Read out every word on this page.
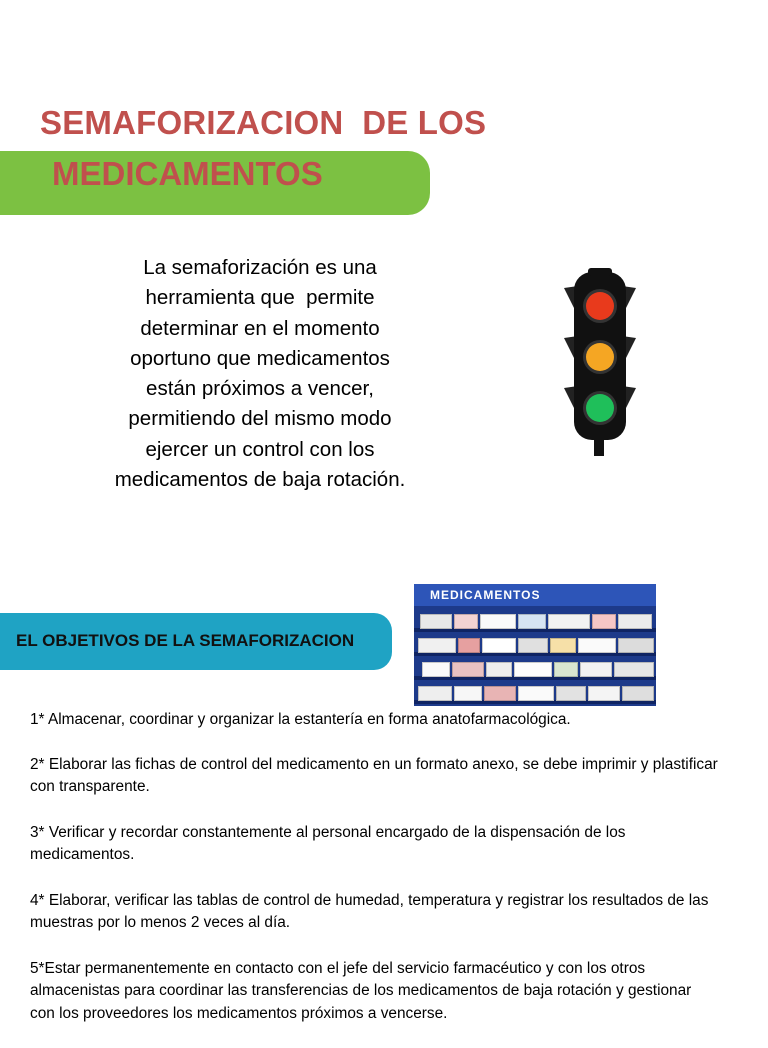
SEMAFORIZACION  DE LOS
MEDICAMENTOS
La semaforización es una
herramienta que  permite
determinar en el momento
oportuno que medicamentos
están próximos a vencer,
permitiendo del mismo modo
ejercer un control con los
medicamentos de baja rotación.
MEDICAMENTOS
EL OBJETIVOS DE LA SEMAFORIZACION
1* Almacenar, coordinar y organizar la estantería en forma anatofarmacológica.
2* Elaborar las fichas de control del medicamento en un formato anexo, se debe imprimir y plastificar con transparente.
3* Verificar y recordar constantemente al personal encargado de la dispensación de los medicamentos.
4* Elaborar, verificar las tablas de control de humedad, temperatura y registrar los resultados de las muestras por lo menos 2 veces al día.
5*Estar permanentemente en contacto con el jefe del servicio farmacéutico y con los otros almacenistas para coordinar las transferencias de los medicamentos de baja rotación y gestionar con los proveedores los medicamentos próximos a vencerse.
